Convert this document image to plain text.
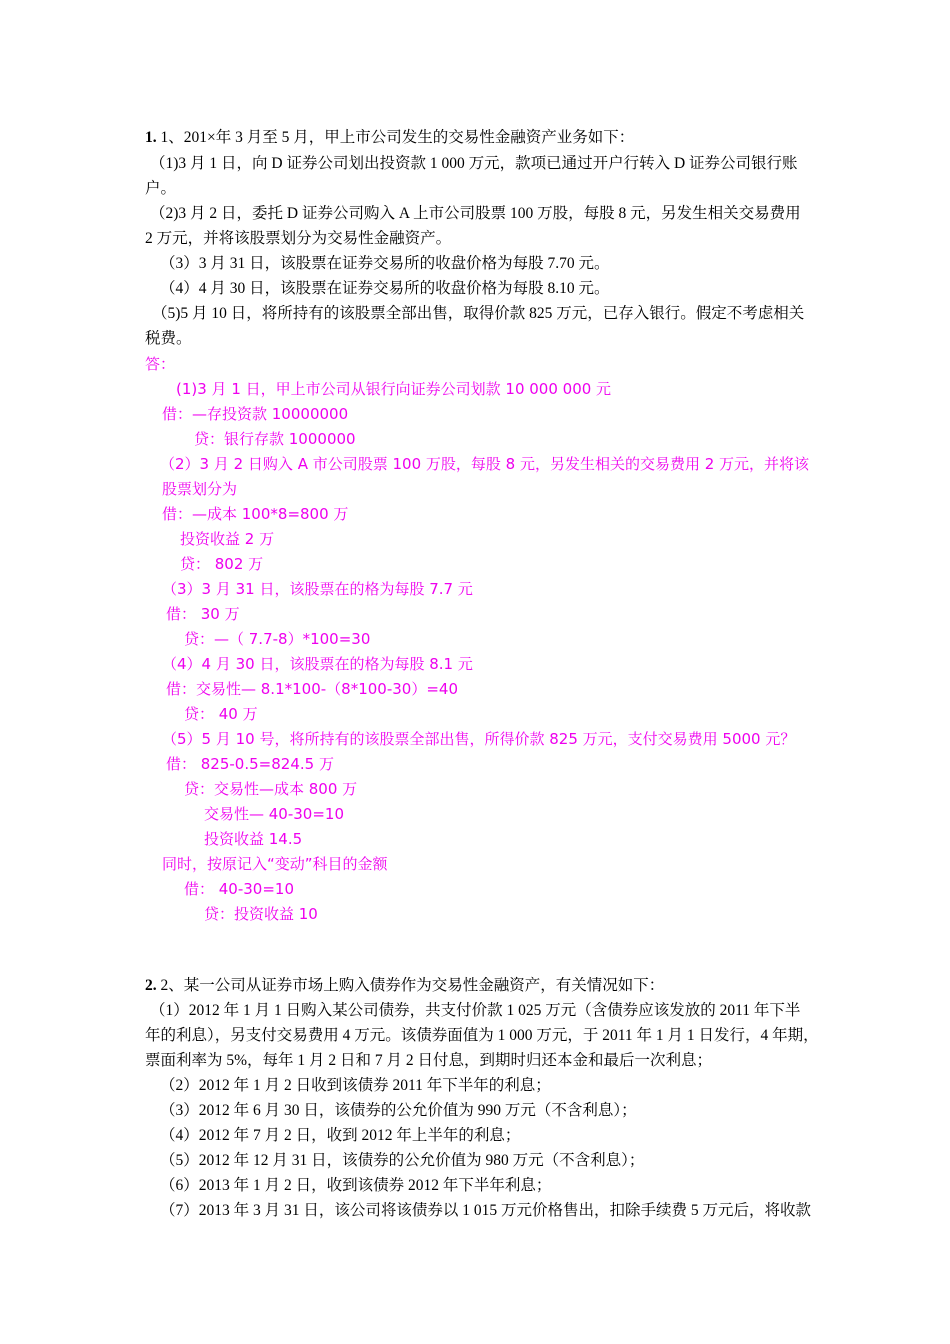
1. 1、201×年 3 月至 5 月，甲上市公司发生的交易性金融资产业务如下：
（1)3 月 1 日，向 D 证券公司划出投资款 1 000 万元，款项已通过开户行转入 D 证券公司银行账
户。
（2)3 月 2 日，委托 D 证券公司购入 A 上市公司股票 100 万股，每股 8 元，另发生相关交易费用
2 万元，并将该股票划分为交易性金融资产。
（3）3 月 31 日，该股票在证券交易所的收盘价格为每股 7.70 元。
（4）4 月 30 日，该股票在证券交易所的收盘价格为每股 8.10 元。
（5)5 月 10 日，将所持有的该股票全部出售，取得价款 825 万元，已存入银行。假定不考虑相关
税费。
答：
(1)3 月 1 日，甲上市公司从银行向证券公司划款 10 000 000 元
借：—存投资款 10000000
贷：银行存款 1000000
（2）3 月 2 日购入 A 市公司股票 100 万股，每股 8 元，另发生相关的交易费用 2 万元，并将该
股票划分为
借：—成本 100*8=800 万
投资收益 2 万
贷： 802 万
（3）3 月 31 日，该股票在的格为每股 7.7 元
借： 30 万
贷：—（ 7.7-8）*100=30
（4）4 月 30 日，该股票在的格为每股 8.1 元
借：交易性— 8.1*100-（8*100-30）=40
贷： 40 万
（5）5 月 10 号，将所持有的该股票全部出售，所得价款 825 万元，支付交易费用 5000 元？
借： 825-0.5=824.5 万
贷：交易性—成本 800 万
交易性— 40-30=10
投资收益 14.5
同时，按原记入“变动”科目的金额
借： 40-30=10
贷：投资收益 10
2. 2、某一公司从证券市场上购入债券作为交易性金融资产，有关情况如下：
（1）2012 年 1 月 1 日购入某公司债券，共支付价款 1 025 万元（含债券应该发放的 2011 年下半
年的利息），另支付交易费用 4 万元。该债券面值为 1 000 万元，于 2011 年 1 月 1 日发行，4 年期，
票面利率为 5%，每年 1 月 2 日和 7 月 2 日付息，到期时归还本金和最后一次利息；
（2）2012 年 1 月 2 日收到该债券 2011 年下半年的利息；
（3）2012 年 6 月 30 日，该债券的公允价值为 990 万元（不含利息）；
（4）2012 年 7 月 2 日，收到 2012 年上半年的利息；
（5）2012 年 12 月 31 日，该债券的公允价值为 980 万元（不含利息）；
（6）2013 年 1 月 2 日，收到该债券 2012 年下半年利息；
（7）2013 年 3 月 31 日，该公司将该债券以 1 015 万元价格售出，扣除手续费 5 万元后，将收款
